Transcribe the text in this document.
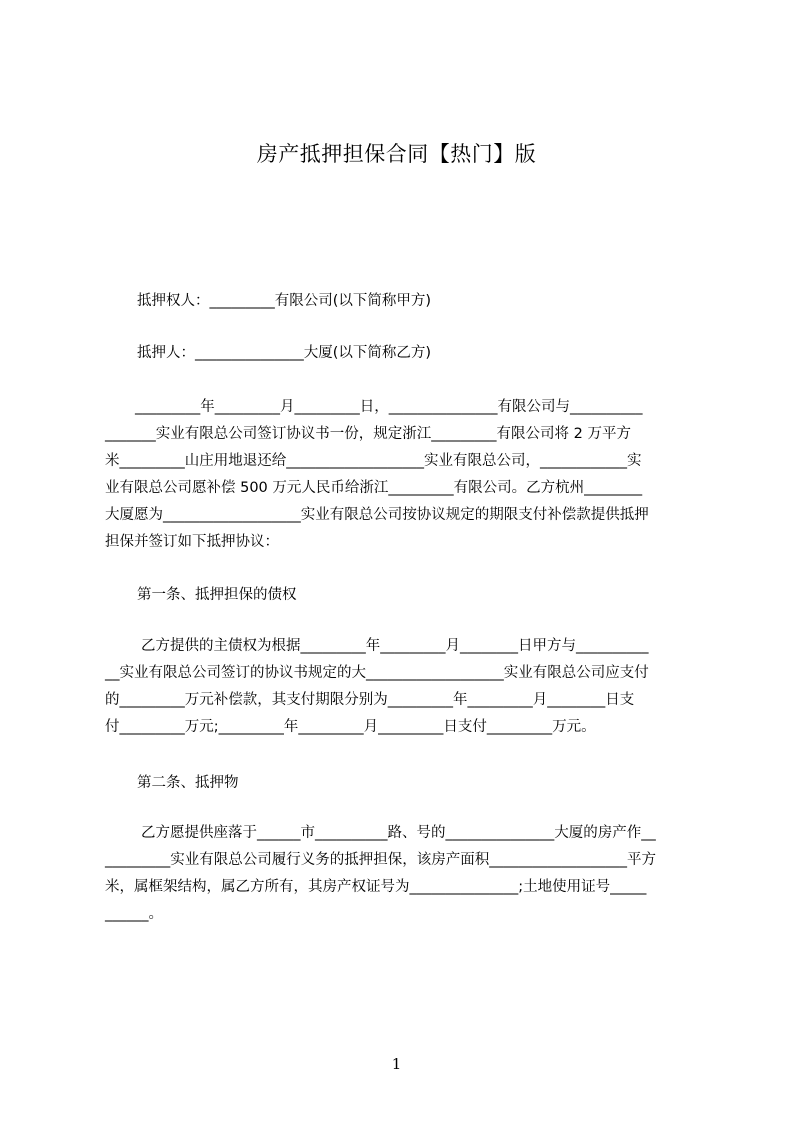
房产抵押担保合同【热门】版

抵押权人：_________有限公司(以下简称甲方)

抵押人：_______________大厦(以下简称乙方)

_________年_________月_________日，_______________有限公司与__________
_______实业有限总公司签订协议书一份，规定浙江_________有限公司将 2 万平方
米_________山庄用地退还给___________________实业有限总公司，____________实
业有限总公司愿补偿 500 万元人民币给浙江_________有限公司。乙方杭州________
大厦愿为___________________实业有限总公司按协议规定的期限支付补偿款提供抵押
担保并签订如下抵押协议：

第一条、抵押担保的债权

乙方提供的主债权为根据_________年_________月________日甲方与__________
__实业有限总公司签订的协议书规定的大___________________实业有限总公司应支付
的_________万元补偿款，其支付期限分别为_________年_________月________日支
付_________万元;_________年_________月_________日支付_________万元。

第二条、抵押物

乙方愿提供座落于______市__________路、号的_______________大厦的房产作__
_________实业有限总公司履行义务的抵押担保，该房产面积___________________平方
米，属框架结构，属乙方所有，其房产权证号为_______________;土地使用证号_____
______。
1
